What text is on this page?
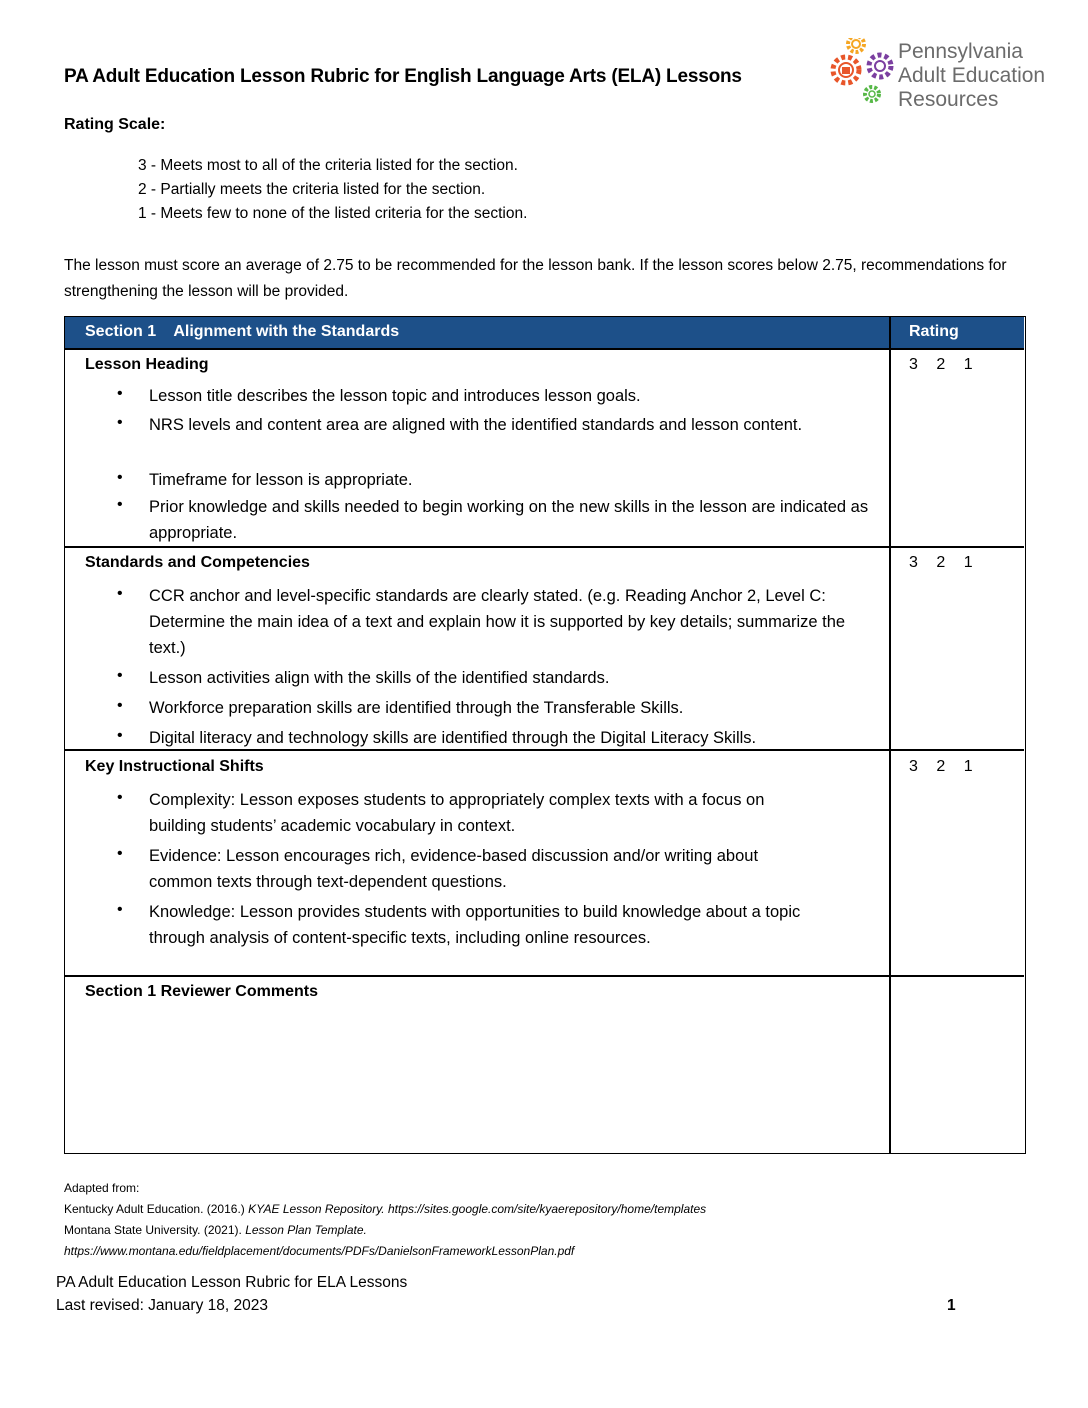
PA Adult Education Lesson Rubric for English Language Arts (ELA) Lessons
Pennsylvania
Adult Education
Resources
Rating Scale:
3 - Meets most to all of the criteria listed for the section.
2 - Partially meets the criteria listed for the section.
1 - Meets few to none of the listed criteria for the section.
The lesson must score an average of 2.75 to be recommended for the lesson bank. If the lesson scores below 2.75, recommendations for strengthening the lesson will be provided.
Section 1    Alignment with the Standards	Rating
Lesson Heading	3 2 1
• Lesson title describes the lesson topic and introduces lesson goals.
• NRS levels and content area are aligned with the identified standards and lesson content.
• Timeframe for lesson is appropriate.
• Prior knowledge and skills needed to begin working on the new skills in the lesson are indicated as appropriate.
Standards and Competencies	3 2 1
• CCR anchor and level-specific standards are clearly stated. (e.g. Reading Anchor 2, Level C: Determine the main idea of a text and explain how it is supported by key details; summarize the text.)
• Lesson activities align with the skills of the identified standards.
• Workforce preparation skills are identified through the Transferable Skills.
• Digital literacy and technology skills are identified through the Digital Literacy Skills.
Key Instructional Shifts	3 2 1
• Complexity: Lesson exposes students to appropriately complex texts with a focus on building students’ academic vocabulary in context.
• Evidence: Lesson encourages rich, evidence-based discussion and/or writing about common texts through text-dependent questions.
• Knowledge: Lesson provides students with opportunities to build knowledge about a topic through analysis of content-specific texts, including online resources.
Section 1 Reviewer Comments
Adapted from:
Kentucky Adult Education. (2016.) KYAE Lesson Repository. https://sites.google.com/site/kyaerepository/home/templates
Montana State University. (2021). Lesson Plan Template.
https://www.montana.edu/fieldplacement/documents/PDFs/DanielsonFrameworkLessonPlan.pdf
PA Adult Education Lesson Rubric for ELA Lessons
Last revised: January 18, 2023	1
